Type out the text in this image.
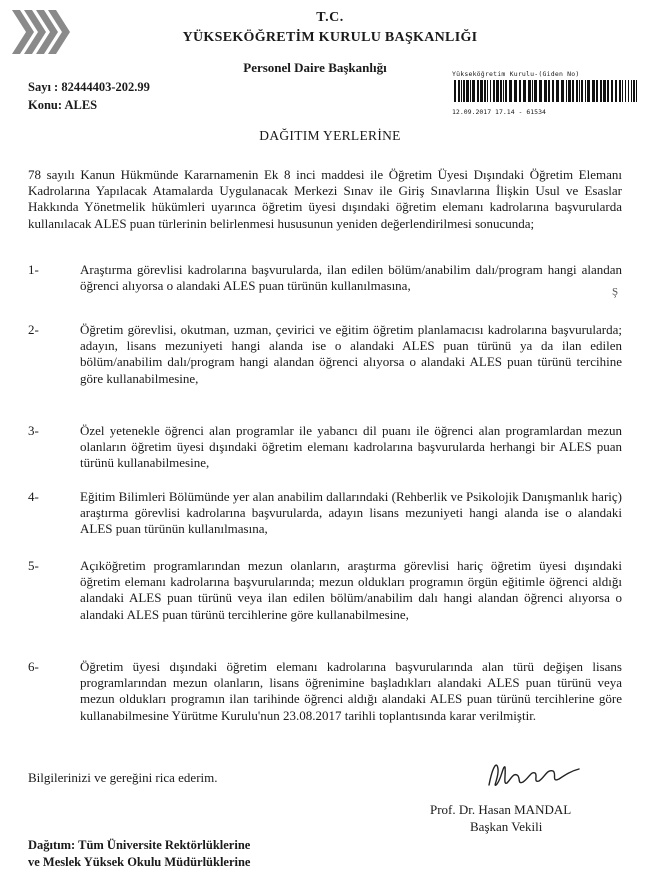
T.C.
YÜKSEKÖĞRETİM KURULU BAŞKANLIĞI
Personel Daire Başkanlığı
Sayı : 82444403-202.99
Konu: ALES
Yükseköğretim Kurulu-(Giden No)
12.09.2017 17.14 - 61534
DAĞITIM YERLERİNE
78 sayılı Kanun Hükmünde Kararnamenin Ek 8 inci maddesi ile Öğretim Üyesi Dışındaki Öğretim Elemanı Kadrolarına Yapılacak Atamalarda Uygulanacak Merkezi Sınav ile Giriş Sınavlarına İlişkin Usul ve Esaslar Hakkında Yönetmelik hükümleri uyarınca öğretim üyesi dışındaki öğretim elemanı kadrolarına başvurularda kullanılacak ALES puan türlerinin belirlenmesi hususunun yeniden değerlendirilmesi sonucunda;
1-	Araştırma görevlisi kadrolarına başvurularda, ilan edilen bölüm/anabilim dalı/program hangi alandan öğrenci alıyorsa o alandaki ALES puan türünün kullanılmasına,
2-	Öğretim görevlisi, okutman, uzman, çevirici ve eğitim öğretim planlamacısı kadrolarına başvurularda; adayın, lisans mezuniyeti hangi alanda ise o alandaki ALES puan türünü ya da ilan edilen bölüm/anabilim dalı/program hangi alandan öğrenci alıyorsa o alandaki ALES puan türünü tercihine göre kullanabilmesine,
3-	Özel yetenekle öğrenci alan programlar ile yabancı dil puanı ile öğrenci alan programlardan mezun olanların öğretim üyesi dışındaki öğretim elemanı kadrolarına başvurularda herhangi bir ALES puan türünü kullanabilmesine,
4-	Eğitim Bilimleri Bölümünde yer alan anabilim dallarındaki (Rehberlik ve Psikolojik Danışmanlık hariç) araştırma görevlisi kadrolarına başvurularda, adayın lisans mezuniyeti hangi alanda ise o alandaki ALES puan türünün kullanılmasına,
5-	Açıköğretim programlarından mezun olanların, araştırma görevlisi hariç öğretim üyesi dışındaki öğretim elemanı kadrolarına başvurularında; mezun oldukları programın örgün eğitimle öğrenci aldığı alandaki ALES puan türünü veya ilan edilen bölüm/anabilim dalı hangi alandan öğrenci alıyorsa o alandaki ALES puan türünü tercihlerine göre kullanabilmesine,
6-	Öğretim üyesi dışındaki öğretim elemanı kadrolarına başvurularında alan türü değişen lisans programlarından mezun olanların, lisans öğrenimine başladıkları alandaki ALES puan türünü veya mezun oldukları programın ilan tarihinde öğrenci aldığı alandaki ALES puan türünü tercihlerine göre kullanabilmesine Yürütme Kurulu'nun 23.08.2017 tarihli toplantısında karar verilmiştir.
Ş
Bilgilerinizi ve gereğini rica ederim.
Prof. Dr. Hasan MANDAL
Başkan Vekili
Dağıtım: Tüm Üniversite Rektörlüklerine
ve Meslek Yüksek Okulu Müdürlüklerine
